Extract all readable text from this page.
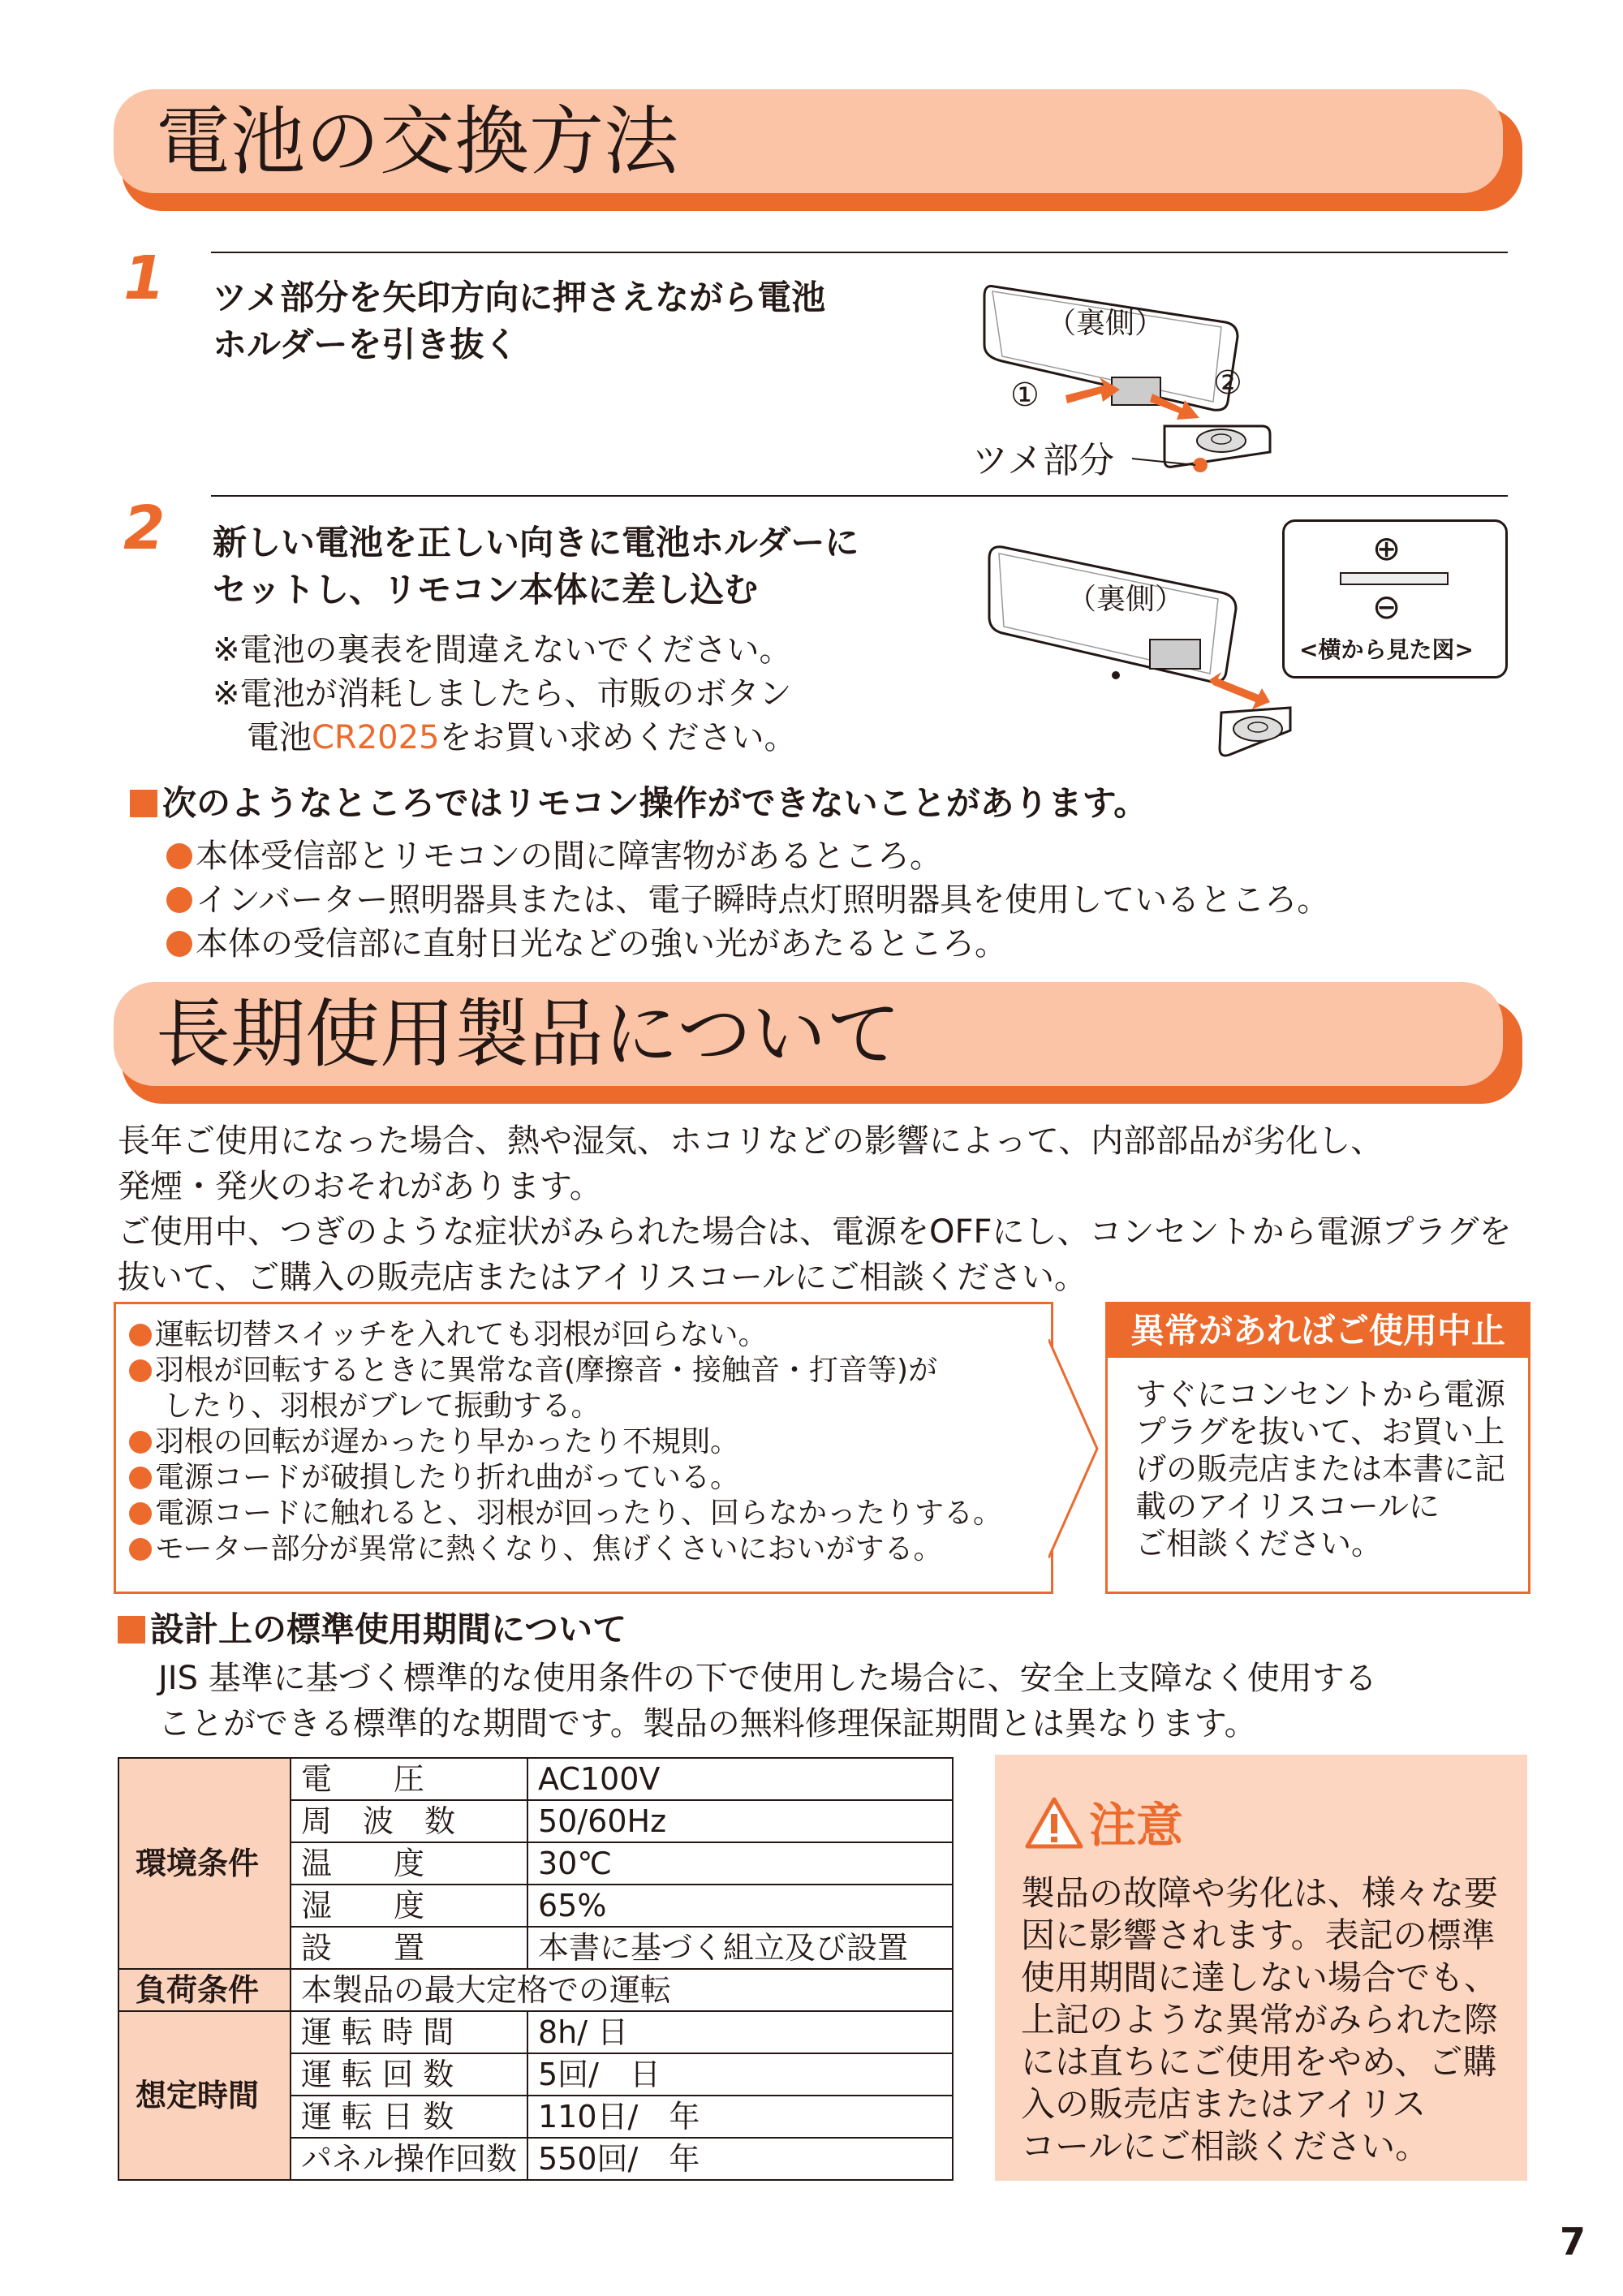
電池の交換方法
1 ツメ部分を矢印方向に押さえながら電池
ホルダーを引き抜く
（裏側）
①	②
ツメ部分
2 新しい電池を正しい向きに電池ホルダーに
セットし、リモコン本体に差し込む
※電池の裏表を間違えないでください。
※電池が消耗しましたら、市販のボタン
電池CR2025をお買い求めください。
（裏側）
⊕
⊖
<横から見た図>
次のようなところではリモコン操作ができないことがあります。
本体受信部とリモコンの間に障害物があるところ。
インバーター照明器具または、電子瞬時点灯照明器具を使用しているところ。
本体の受信部に直射日光などの強い光があたるところ。
長期使用製品について
長年ご使用になった場合、熱や湿気、ホコリなどの影響によって、内部部品が劣化し、
発煙・発火のおそれがあります。
ご使用中、つぎのような症状がみられた場合は、電源をOFFにし、コンセントから電源プラグを
抜いて、ご購入の販売店またはアイリスコールにご相談ください。
運転切替スイッチを入れても羽根が回らない。
羽根が回転するときに異常な音(摩擦音・接触音・打音等)が
したり、羽根がブレて振動する。
羽根の回転が遅かったり早かったり不規則。
電源コードが破損したり折れ曲がっている。
電源コードに触れると、羽根が回ったり、回らなかったりする。
モーター部分が異常に熱くなり、焦げくさいにおいがする。
異常があればご使用中止
すぐにコンセントから電源
プラグを抜いて、お買い上
げの販売店または本書に記
載のアイリスコールに
ご相談ください。
設計上の標準使用期間について
JIS 基準に基づく標準的な使用条件の下で使用した場合に、安全上支障なく使用する
ことができる標準的な期間です。製品の無料修理保証期間とは異なります。
環境条件	電　　圧	AC100V
	周　波　数	50/60Hz
	温　　度	30℃
	湿　　度	65%
	設　　置	本書に基づく組立及び設置
負荷条件	本製品の最大定格での運転	
想定時間	運 転 時 間	8h/ 日
	運 転 回 数	5回/　日
	運 転 日 数	110日/　年
	パネル操作回数	550回/　年
注意
製品の故障や劣化は、様々な要
因に影響されます。表記の標準
使用期間に達しない場合でも、
上記のような異常がみられた際
には直ちにご使用をやめ、ご購
入の販売店またはアイリス
コールにご相談ください。
7
